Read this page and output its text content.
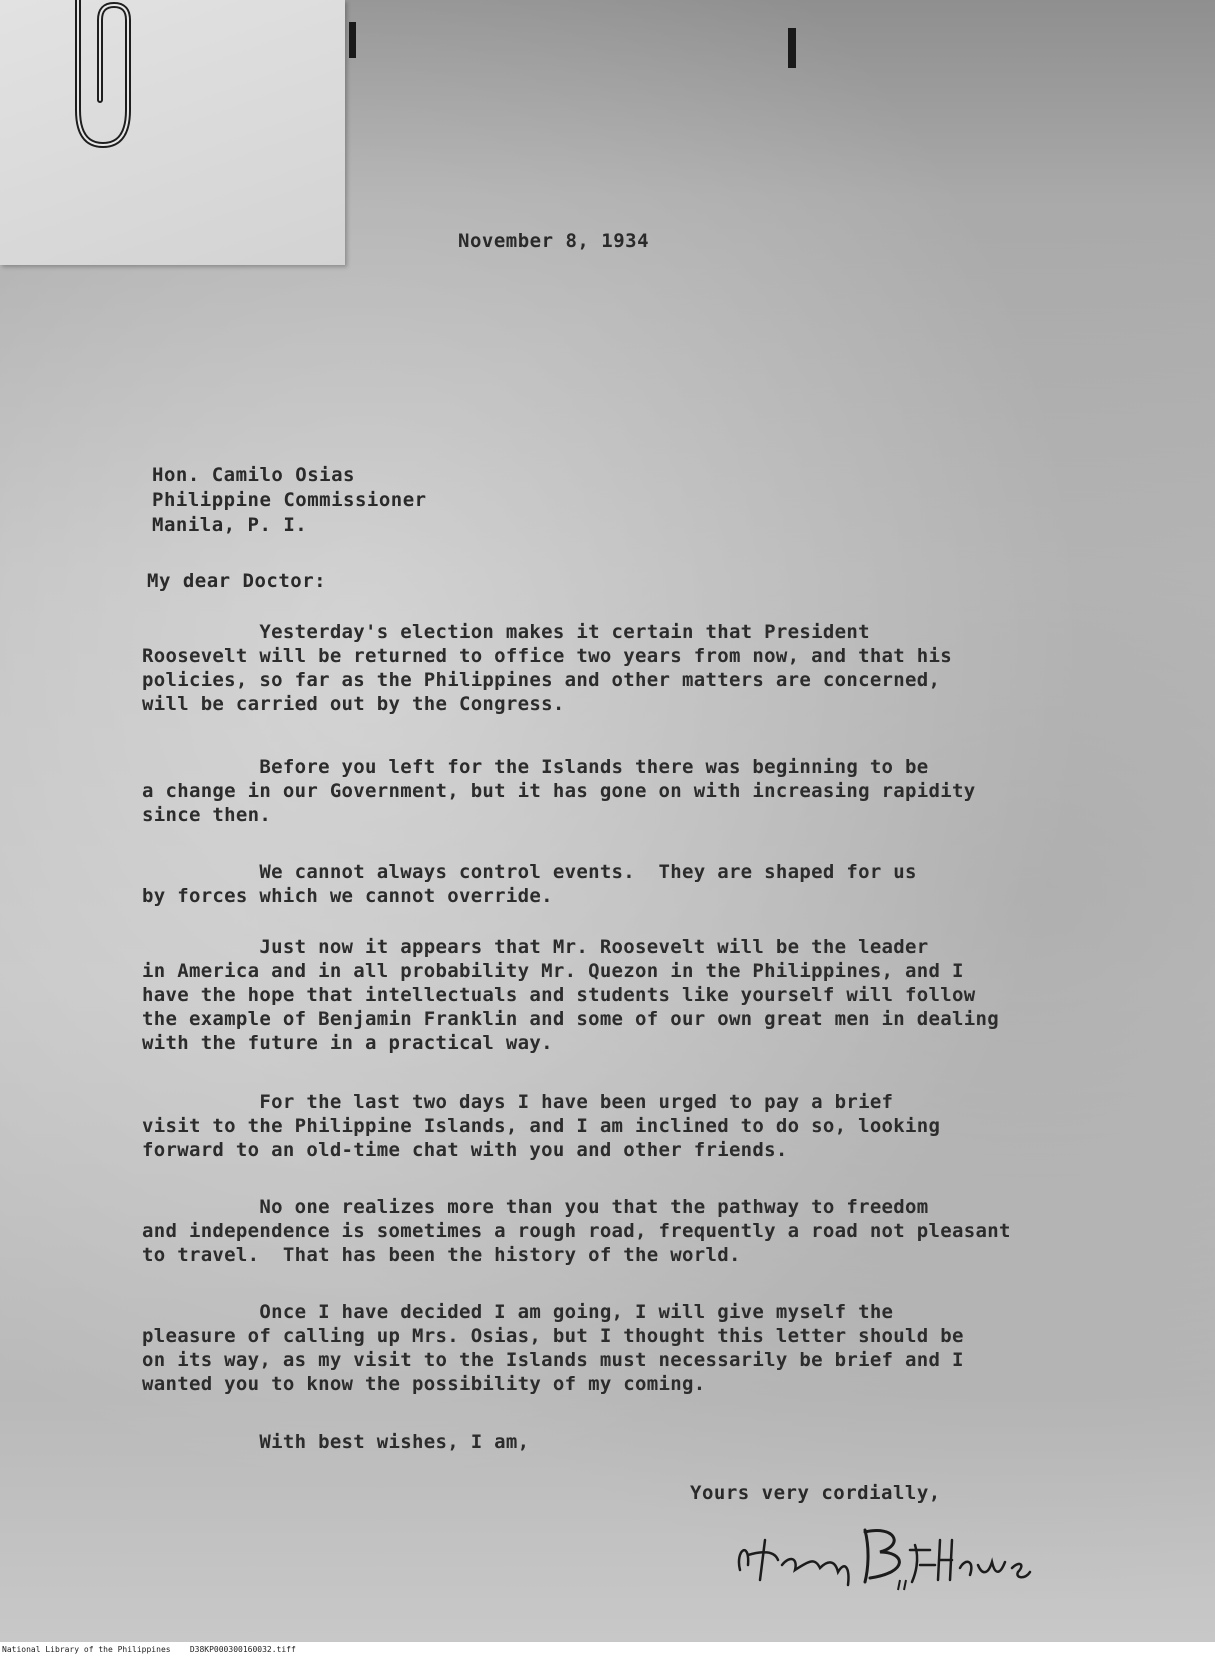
November 8, 1934
Hon. Camilo Osias
Philippine Commissioner
Manila, P. I.
My dear Doctor:
Yesterday's election makes it certain that President
Roosevelt will be returned to office two years from now, and that his
policies, so far as the Philippines and other matters are concerned,
will be carried out by the Congress.
Before you left for the Islands there was beginning to be
a change in our Government, but it has gone on with increasing rapidity
since then.
We cannot always control events.  They are shaped for us
by forces which we cannot override.
Just now it appears that Mr. Roosevelt will be the leader
in America and in all probability Mr. Quezon in the Philippines, and I
have the hope that intellectuals and students like yourself will follow
the example of Benjamin Franklin and some of our own great men in dealing
with the future in a practical way.
For the last two days I have been urged to pay a brief
visit to the Philippine Islands, and I am inclined to do so, looking
forward to an old-time chat with you and other friends.
No one realizes more than you that the pathway to freedom
and independence is sometimes a rough road, frequently a road not pleasant
to travel.  That has been the history of the world.
Once I have decided I am going, I will give myself the
pleasure of calling up Mrs. Osias, but I thought this letter should be
on its way, as my visit to the Islands must necessarily be brief and I
wanted you to know the possibility of my coming.
With best wishes, I am,
Yours very cordially,
National Library of the Philippines    D38KP000300160032.tiff
